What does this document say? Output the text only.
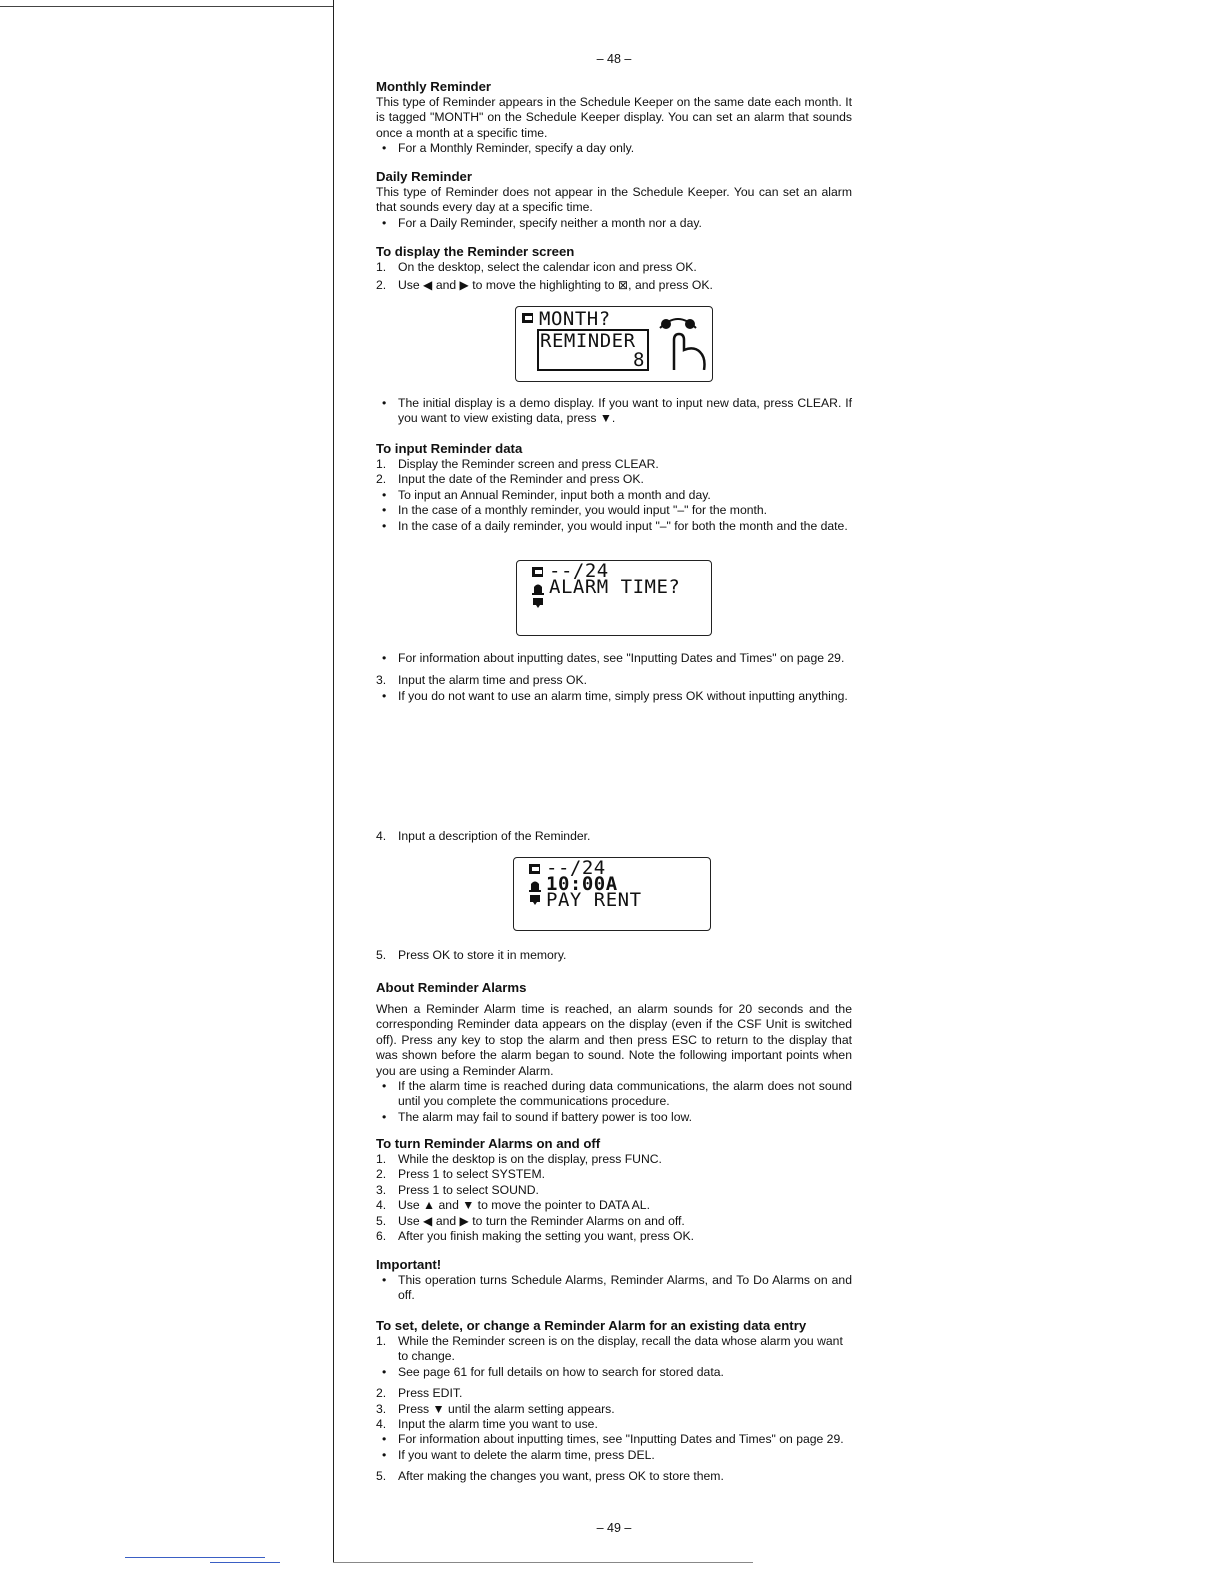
– 48 –

Monthly Reminder

This type of Reminder appears in the Schedule Keeper on the same date each month. It is tagged "MONTH" on the Schedule Keeper display. You can set an alarm that sounds once a month at a specific time.

• For a Monthly Reminder, specify a day only.

Daily Reminder

This type of Reminder does not appear in the Schedule Keeper. You can set an alarm that sounds every day at a specific time.

• For a Daily Reminder, specify neither a month nor a day.

To display the Reminder screen

1. On the desktop, select the calendar icon and press OK.

2. Use ◀ and ▶ to move the highlighting to ⊠, and press OK.

MONTH?
REMINDER
8

• The initial display is a demo display. If you want to input new data, press CLEAR. If you want to view existing data, press ▼.

To input Reminder data

1. Display the Reminder screen and press CLEAR.

2. Input the date of the Reminder and press OK.

• To input an Annual Reminder, input both a month and day.

• In the case of a monthly reminder, you would input "–" for the month.

• In the case of a daily reminder, you would input "–" for both the month and the date.

--/24
ALARM TIME?

• For information about inputting dates, see "Inputting Dates and Times" on page 29.

3. Input the alarm time and press OK.

• If you do not want to use an alarm time, simply press OK without inputting anything.

4. Input a description of the Reminder.

--/24
10:00A
PAY RENT

5. Press OK to store it in memory.

About Reminder Alarms

When a Reminder Alarm time is reached, an alarm sounds for 20 seconds and the corresponding Reminder data appears on the display (even if the CSF Unit is switched off). Press any key to stop the alarm and then press ESC to return to the display that was shown before the alarm began to sound. Note the following important points when you are using a Reminder Alarm.

• If the alarm time is reached during data communications, the alarm does not sound until you complete the communications procedure.

• The alarm may fail to sound if battery power is too low.

To turn Reminder Alarms on and off

1. While the desktop is on the display, press FUNC.

2. Press 1 to select SYSTEM.

3. Press 1 to select SOUND.

4. Use ▲ and ▼ to move the pointer to DATA AL.

5. Use ◀ and ▶ to turn the Reminder Alarms on and off.

6. After you finish making the setting you want, press OK.

Important!

• This operation turns Schedule Alarms, Reminder Alarms, and To Do Alarms on and off.

To set, delete, or change a Reminder Alarm for an existing data entry

1. While the Reminder screen is on the display, recall the data whose alarm you want to change.

• See page 61 for full details on how to search for stored data.

2. Press EDIT.

3. Press ▼ until the alarm setting appears.

4. Input the alarm time you want to use.

• For information about inputting times, see "Inputting Dates and Times" on page 29.

• If you want to delete the alarm time, press DEL.

5. After making the changes you want, press OK to store them.

– 49 –
